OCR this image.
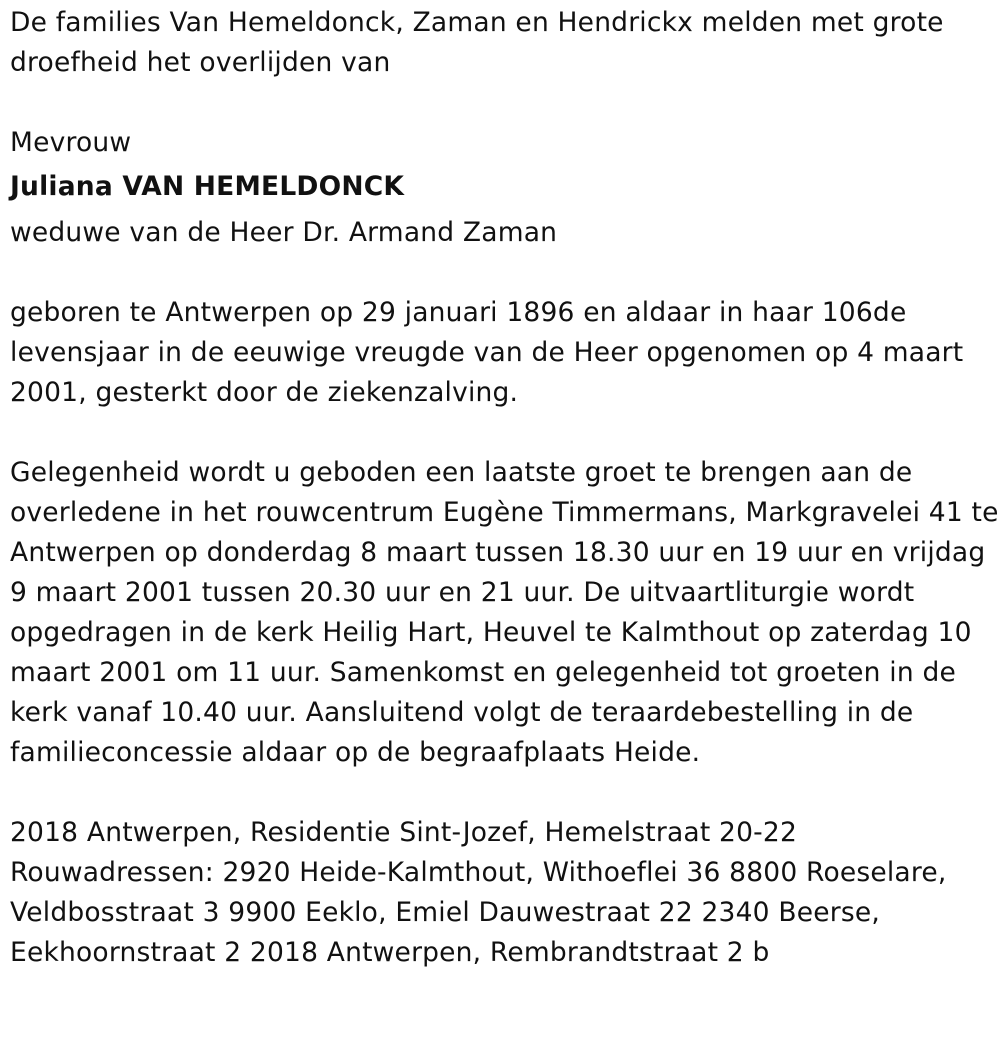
De families Van Hemeldonck, Zaman en Hendrickx melden met grote droefheid het overlijden van

Mevrouw

Juliana VAN HEMELDONCK

weduwe van de Heer Dr. Armand Zaman

geboren te Antwerpen op 29 januari 1896 en aldaar in haar 106de levensjaar in de eeuwige vreugde van de Heer opgenomen op 4 maart 2001, gesterkt door de ziekenzalving.

Gelegenheid wordt u geboden een laatste groet te brengen aan de overledene in het rouwcentrum Eugène Timmermans, Markgravelei 41 te Antwerpen op donderdag 8 maart tussen 18.30 uur en 19 uur en vrijdag 9 maart 2001 tussen 20.30 uur en 21 uur. De uitvaartliturgie wordt opgedragen in de kerk Heilig Hart, Heuvel te Kalmthout op zaterdag 10 maart 2001 om 11 uur. Samenkomst en gelegenheid tot groeten in de kerk vanaf 10.40 uur. Aansluitend volgt de teraardebestelling in de familieconcessie aldaar op de begraafplaats Heide.

2018 Antwerpen, Residentie Sint-Jozef, Hemelstraat 20-22 Rouwadressen: 2920 Heide-Kalmthout, Withoeflei 36 8800 Roeselare, Veldbosstraat 3 9900 Eeklo, Emiel Dauwestraat 22 2340 Beerse, Eekhoornstraat 2 2018 Antwerpen, Rembrandtstraat 2 b
